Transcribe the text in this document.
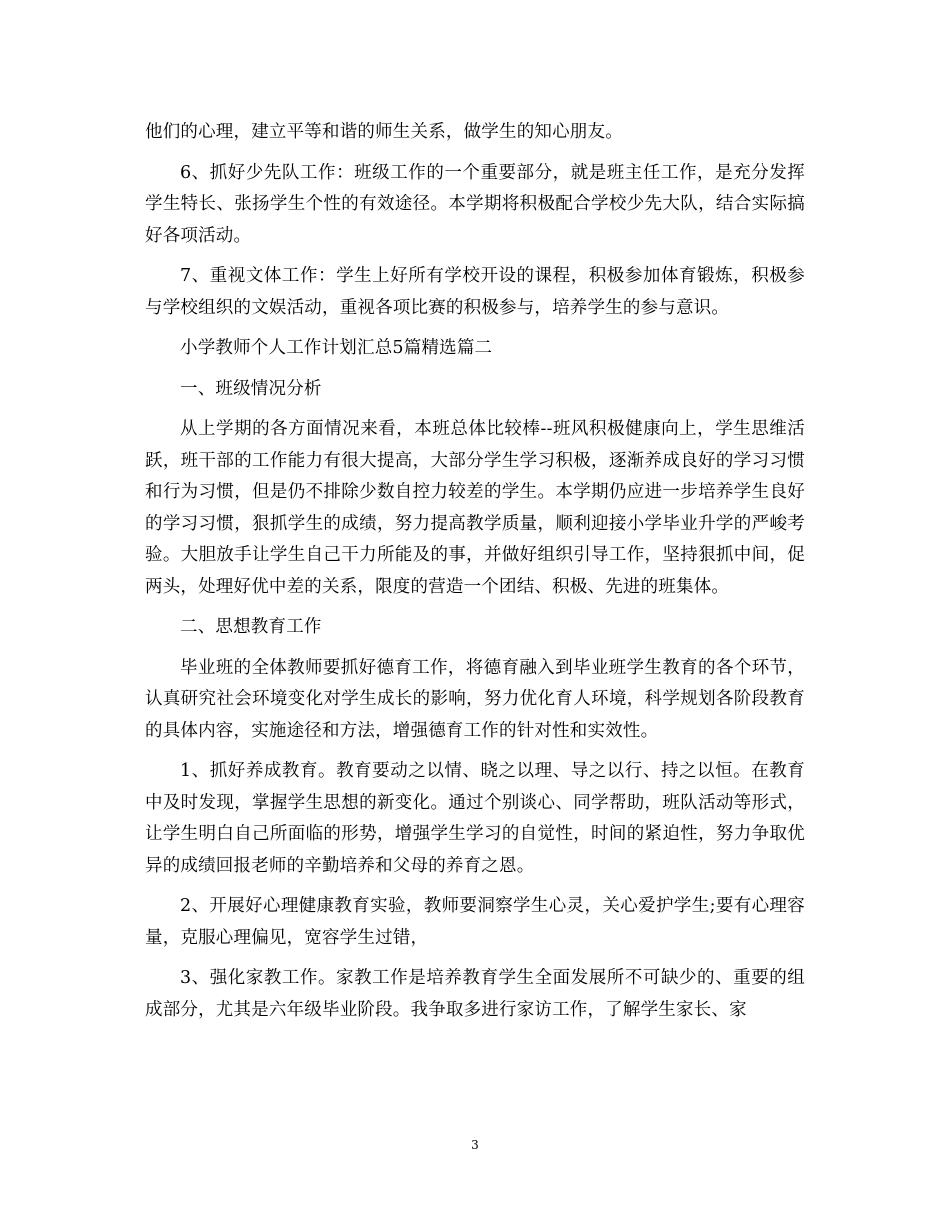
他们的心理，建立平等和谐的师生关系，做学生的知心朋友。

6、抓好少先队工作：班级工作的一个重要部分，就是班主任工作，是充分发挥学生特长、张扬学生个性的有效途径。本学期将积极配合学校少先大队，结合实际搞好各项活动。

7、重视文体工作：学生上好所有学校开设的课程，积极参加体育锻炼，积极参与学校组织的文娱活动，重视各项比赛的积极参与，培养学生的参与意识。

小学教师个人工作计划汇总5篇精选篇二

一、班级情况分析

从上学期的各方面情况来看，本班总体比较棒--班风积极健康向上，学生思维活跃，班干部的工作能力有很大提高，大部分学生学习积极，逐渐养成良好的学习习惯和行为习惯，但是仍不排除少数自控力较差的学生。本学期仍应进一步培养学生良好的学习习惯，狠抓学生的成绩，努力提高教学质量，顺利迎接小学毕业升学的严峻考验。大胆放手让学生自己干力所能及的事，并做好组织引导工作，坚持狠抓中间，促两头，处理好优中差的关系，限度的营造一个团结、积极、先进的班集体。

二、思想教育工作

毕业班的全体教师要抓好德育工作，将德育融入到毕业班学生教育的各个环节，认真研究社会环境变化对学生成长的影响，努力优化育人环境，科学规划各阶段教育的具体内容，实施途径和方法，增强德育工作的针对性和实效性。

1、抓好养成教育。教育要动之以情、晓之以理、导之以行、持之以恒。在教育中及时发现，掌握学生思想的新变化。通过个别谈心、同学帮助，班队活动等形式，让学生明白自己所面临的形势，增强学生学习的自觉性，时间的紧迫性，努力争取优异的成绩回报老师的辛勤培养和父母的养育之恩。

2、开展好心理健康教育实验，教师要洞察学生心灵，关心爱护学生;要有心理容量，克服心理偏见，宽容学生过错，

3、强化家教工作。家教工作是培养教育学生全面发展所不可缺少的、重要的组成部分，尤其是六年级毕业阶段。我争取多进行家访工作，了解学生家长、家

3
